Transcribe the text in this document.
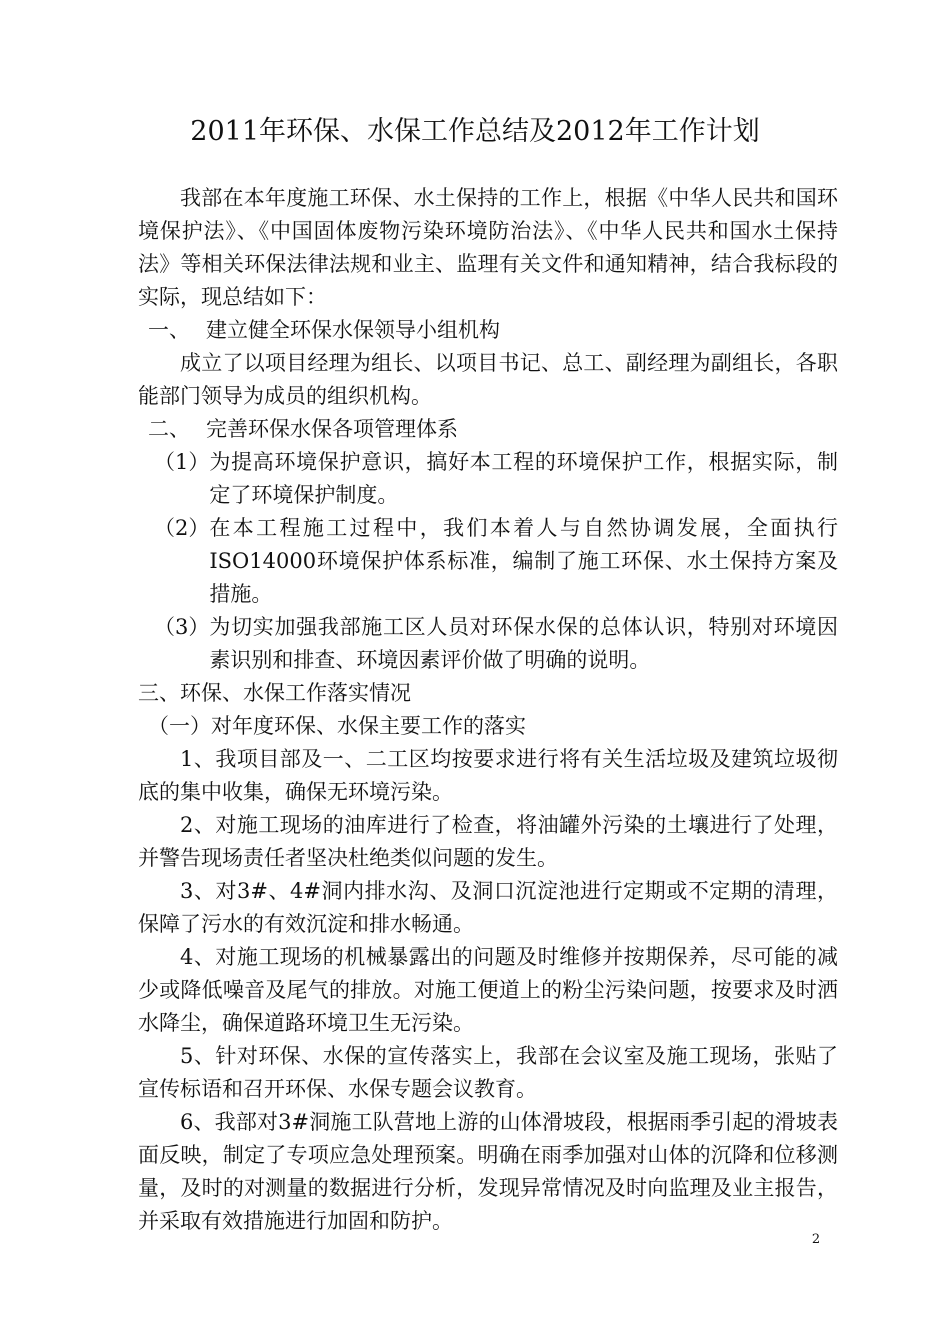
2011年环保、水保工作总结及2012年工作计划

我部在本年度施工环保、水土保持的工作上，根据《中华人民共和国环境保护法》、《中国固体废物污染环境防治法》、《中华人民共和国水土保持法》等相关环保法律法规和业主、监理有关文件和通知精神，结合我标段的实际，现总结如下：

一、 建立健全环保水保领导小组机构

成立了以项目经理为组长、以项目书记、总工、副经理为副组长，各职能部门领导为成员的组织机构。

二、 完善环保水保各项管理体系

（1） 为提高环境保护意识，搞好本工程的环境保护工作，根据实际，制定了环境保护制度。
（2） 在本工程施工过程中，我们本着人与自然协调发展，全面执行ISO14000环境保护体系标准，编制了施工环保、水土保持方案及措施。
（3） 为切实加强我部施工区人员对环保水保的总体认识，特别对环境因素识别和排查、环境因素评价做了明确的说明。

三、环保、水保工作落实情况

（一）对年度环保、水保主要工作的落实

1、我项目部及一、二工区均按要求进行将有关生活垃圾及建筑垃圾彻底的集中收集，确保无环境污染。

2、对施工现场的油库进行了检查，将油罐外污染的土壤进行了处理，并警告现场责任者坚决杜绝类似问题的发生。

3、对3#、4#洞内排水沟、及洞口沉淀池进行定期或不定期的清理，保障了污水的有效沉淀和排水畅通。

4、对施工现场的机械暴露出的问题及时维修并按期保养，尽可能的减少或降低噪音及尾气的排放。对施工便道上的粉尘污染问题，按要求及时洒水降尘，确保道路环境卫生无污染。

5、针对环保、水保的宣传落实上，我部在会议室及施工现场，张贴了宣传标语和召开环保、水保专题会议教育。

6、我部对3#洞施工队营地上游的山体滑坡段，根据雨季引起的滑坡表面反映，制定了专项应急处理预案。明确在雨季加强对山体的沉降和位移测量，及时的对测量的数据进行分析，发现异常情况及时向监理及业主报告，并采取有效措施进行加固和防护。

2
